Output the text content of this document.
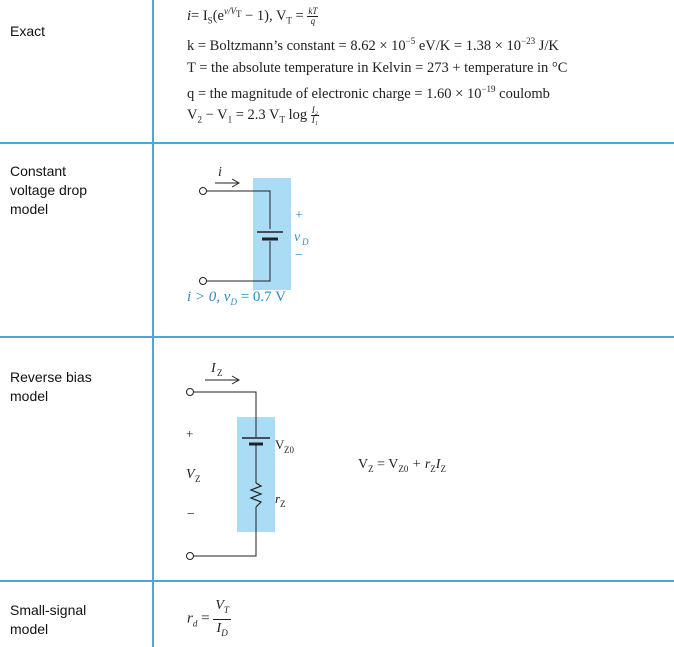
Exact
Constant
voltage drop
model
Reverse bias
model
Small-signal
model
$i= I_S(e^{v/V_T} - 1)$, $V_T = \frac{kT}{q}$
k = Boltzmann’s constant = $8.62 \times 10^{-5}$ $eV/K = 1.38 \times 10^{-23}$ J/K
T = the absolute temperature in Kelvin = 273 + temperature in °C
q = the magnitude of electronic charge = $1.60 \times 10^{-19}$ coulomb
$V_2 - V_1 = 2.3$ $V_T$ $\log \frac{\text{I₂}}{\text{I₁}}$
i
+
v D
−
i > 0, $v_D = 0.7$ V
I Z
+
V Z
−
V Z0
r Z
$V_Z = V_{Z0} + r_ZI_Z$
$r_d = \frac{V_T}{I_D}$
